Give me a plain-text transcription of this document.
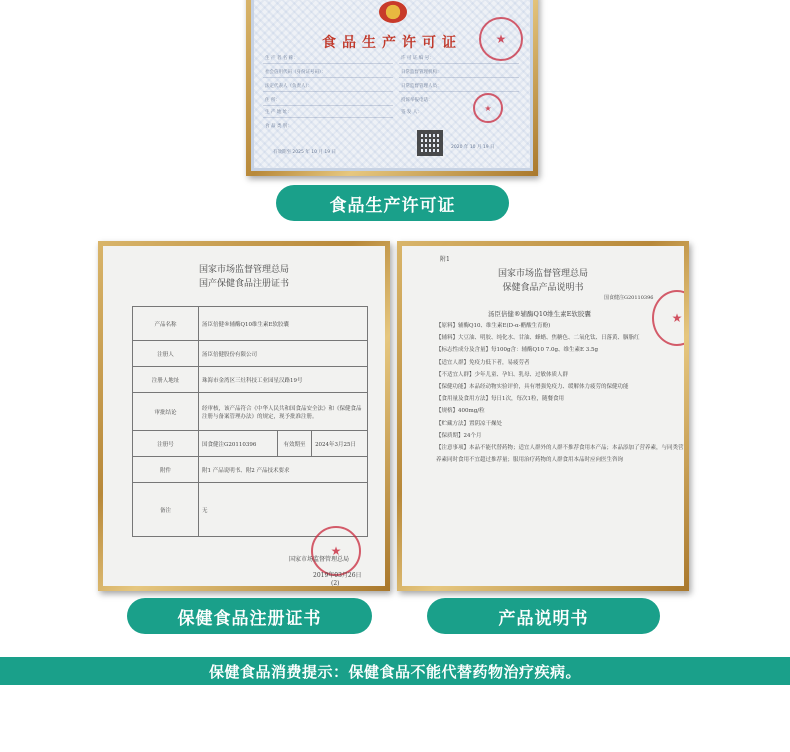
食品生产许可证
生 产 者 名 称：
社会信用代码（身份证号码）：
法定代表人（负责人）：
住 所：
生 产 地 址：
食 品 类 别：
许 可 证 编 号：
日常监督管理机构：
日常监督管理人员：
投诉举报电话：
签 发 人：
★
★
有效期至 2025 年 10 月 19 日
2020 年 10 月 19 日
食品生产许可证
国家市场监督管理总局
国产保健食品注册证书
产品名称	汤臣倍健®辅酶Q10维生素E软胶囊		
注册人	汤臣倍健股份有限公司		
注册人地址	珠海市金湾区三灶科技工业园星汉路19号		
审批结论	经审核，该产品符合《中华人民共和国食品安全法》和《保健食品注册与备案管理办法》的规定，现予批准注册。		
注册号	国食健注G20110396	有效期至	2024年3月25日
附件	附1 产品说明书、附2 产品技术要求		
备注	无		
★
国家市场监督管理总局
2019年03月26日
(2)
保健食品注册证书
附1
国家市场监督管理总局
保健食品产品说明书
国食健注G20110396
汤臣倍健®辅酶Q10维生素E软胶囊
【原料】辅酶Q10、维生素E(D-α-醋酸生育酚)
【辅料】大豆油、明胶、纯化水、甘油、蜂蜡、焦糖色、二氧化钛、日落黄、胭脂红
【标志性成分及含量】每100g含：辅酶Q10 7.0g、维生素E 3.5g
【适宜人群】免疫力低下者，易疲劳者
【不适宜人群】少年儿童、孕妇、乳母、过敏体质人群
【保健功能】本品经动物实验评价，具有增强免疫力、缓解体力疲劳的保健功能
【食用量及食用方法】每日1次，每次1粒，随餐食用
【规格】400mg/粒
【贮藏方法】置阴凉干燥处
【保质期】24个月
【注意事项】本品不能代替药物；适宜人群外的人群不推荐食用本产品；本品添加了营养素，与同类营养素同时食用不宜超过推荐量；服用治疗药物的人群食用本品时应向医生咨询
★
产品说明书
保健食品消费提示：保健食品不能代替药物治疗疾病。
